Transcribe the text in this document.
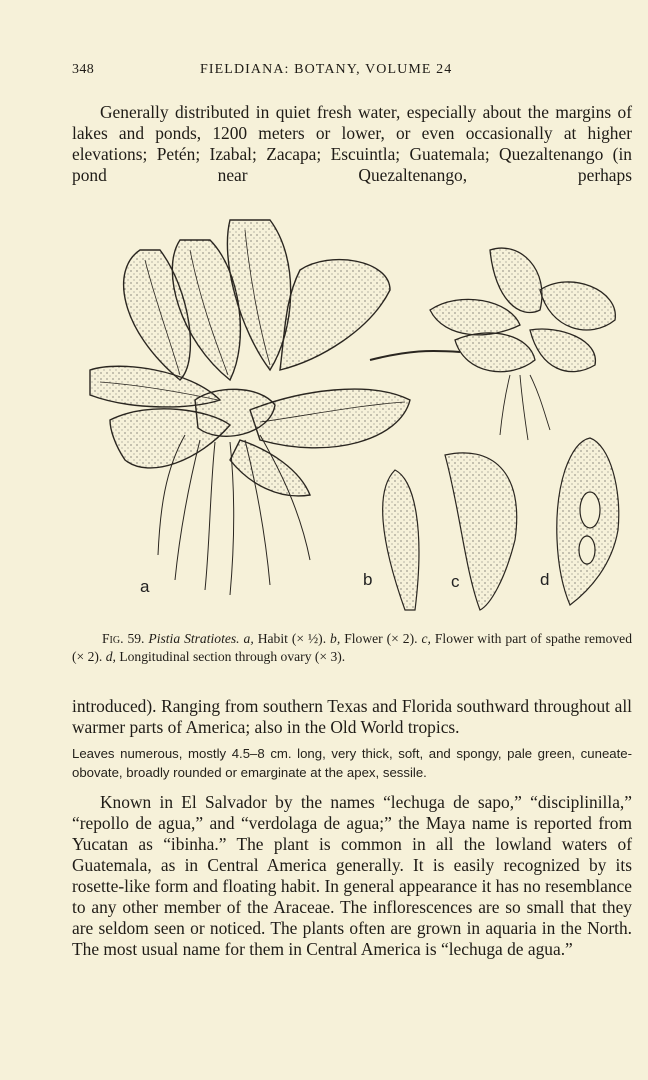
348	FIELDIANA: BOTANY, VOLUME 24

Generally distributed in quiet fresh water, especially about the margins of lakes and ponds, 1200 meters or lower, or even occasionally at higher elevations; Petén; Izabal; Zacapa; Escuintla; Guatemala; Quezaltenango (in pond near Quezaltenango, perhaps

a	b	c	d

Fig. 59. Pistia Stratiotes. a, Habit (× ½). b, Flower (× 2). c, Flower with part of spathe removed (× 2). d, Longitudinal section through ovary (× 3).

introduced). Ranging from southern Texas and Florida southward throughout all warmer parts of America; also in the Old World tropics.

Leaves numerous, mostly 4.5–8 cm. long, very thick, soft, and spongy, pale green, cuneate-obovate, broadly rounded or emarginate at the apex, sessile.

Known in El Salvador by the names “lechuga de sapo,” “disciplinilla,” “repollo de agua,” and “verdolaga de agua;” the Maya name is reported from Yucatan as “ibinha.” The plant is common in all the lowland waters of Guatemala, as in Central America generally. It is easily recognized by its rosette-like form and floating habit. In general appearance it has no resemblance to any other member of the Araceae. The inflorescences are so small that they are seldom seen or noticed. The plants often are grown in aquaria in the North. The most usual name for them in Central America is “lechuga de agua.”
